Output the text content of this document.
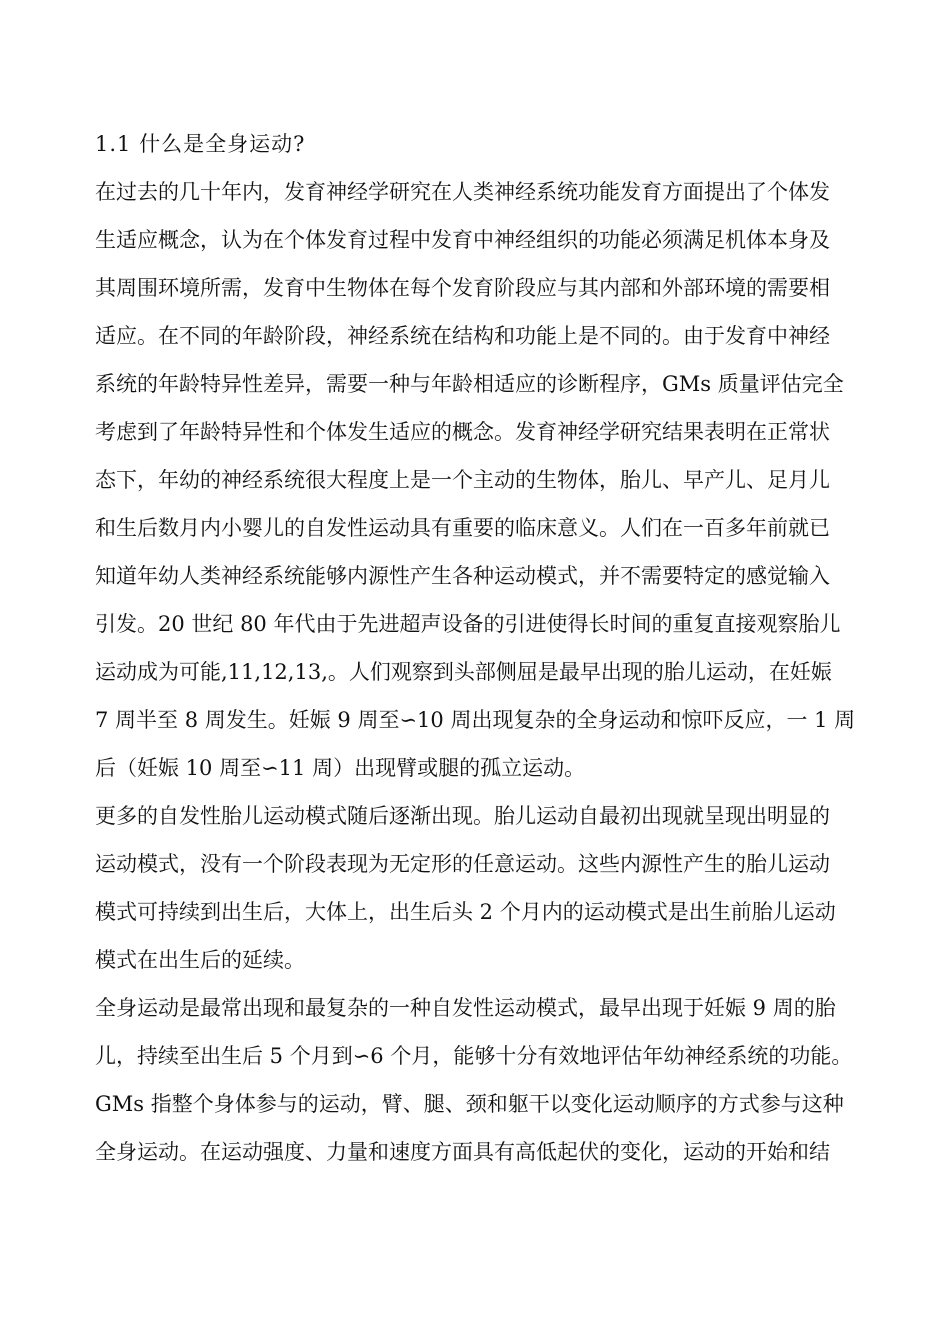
1.1 什么是全身运动?
在过去的几十年内，发育神经学研究在人类神经系统功能发育方面提出了个体发
生适应概念，认为在个体发育过程中发育中神经组织的功能必须满足机体本身及
其周围环境所需，发育中生物体在每个发育阶段应与其内部和外部环境的需要相
适应。在不同的年龄阶段，神经系统在结构和功能上是不同的。由于发育中神经
系统的年龄特异性差异，需要一种与年龄相适应的诊断程序，GMs 质量评估完全
考虑到了年龄特异性和个体发生适应的概念。发育神经学研究结果表明在正常状
态下，年幼的神经系统很大程度上是一个主动的生物体，胎儿、早产儿、足月儿
和生后数月内小婴儿的自发性运动具有重要的临床意义。人们在一百多年前就已
知道年幼人类神经系统能够内源性产生各种运动模式，并不需要特定的感觉输入
引发。20 世纪 80 年代由于先进超声设备的引进使得长时间的重复直接观察胎儿
运动成为可能,11,12,13,。人们观察到头部侧屈是最早出现的胎儿运动，在妊娠
7 周半至 8 周发生。妊娠 9 周至∽10 周出现复杂的全身运动和惊吓反应，一 1 周
后（妊娠 10 周至∽11 周）出现臂或腿的孤立运动。
更多的自发性胎儿运动模式随后逐渐出现。胎儿运动自最初出现就呈现出明显的
运动模式，没有一个阶段表现为无定形的任意运动。这些内源性产生的胎儿运动
模式可持续到出生后，大体上，出生后头 2 个月内的运动模式是出生前胎儿运动
模式在出生后的延续。
全身运动是最常出现和最复杂的一种自发性运动模式，最早出现于妊娠 9 周的胎
儿，持续至出生后 5 个月到∽6 个月，能够十分有效地评估年幼神经系统的功能。
GMs 指整个身体参与的运动，臂、腿、颈和躯干以变化运动顺序的方式参与这种
全身运动。在运动强度、力量和速度方面具有高低起伏的变化，运动的开始和结
